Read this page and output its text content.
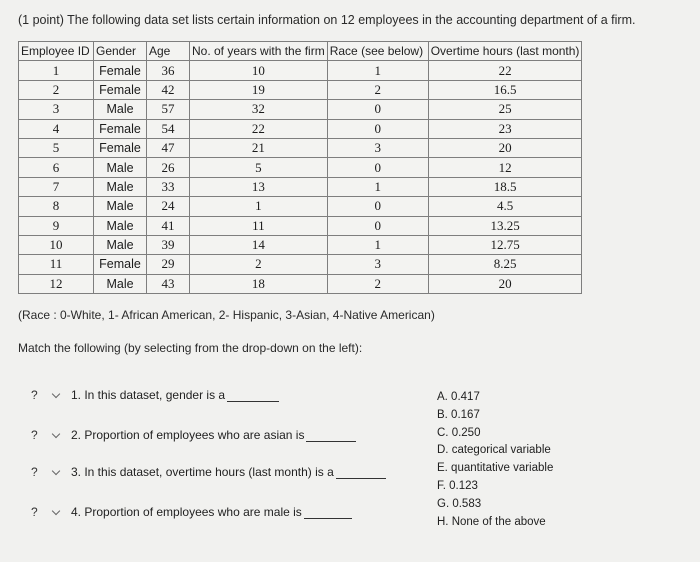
(1 point) The following data set lists certain information on 12 employees in the accounting department of a firm.
Employee ID	Gender	Age	No. of years with the firm	Race (see below)	Overtime hours (last month)
1	Female	36	10	1	22
2	Female	42	19	2	16.5
3	Male	57	32	0	25
4	Female	54	22	0	23
5	Female	47	21	3	20
6	Male	26	5	0	12
7	Male	33	13	1	18.5
8	Male	24	1	0	4.5
9	Male	41	11	0	13.25
10	Male	39	14	1	12.75
11	Female	29	2	3	8.25
12	Male	43	18	2	20
(Race : 0-White, 1- African American, 2- Hispanic, 3-Asian, 4-Native American)
Match the following (by selecting from the drop-down on the left):
?	1. In this dataset, gender is a
?	2. Proportion of employees who are asian is
?	3. In this dataset, overtime hours (last month) is a
?	4. Proportion of employees who are male is
A. 0.417
B. 0.167
C. 0.250
D. categorical variable
E. quantitative variable
F. 0.123
G. 0.583
H. None of the above
